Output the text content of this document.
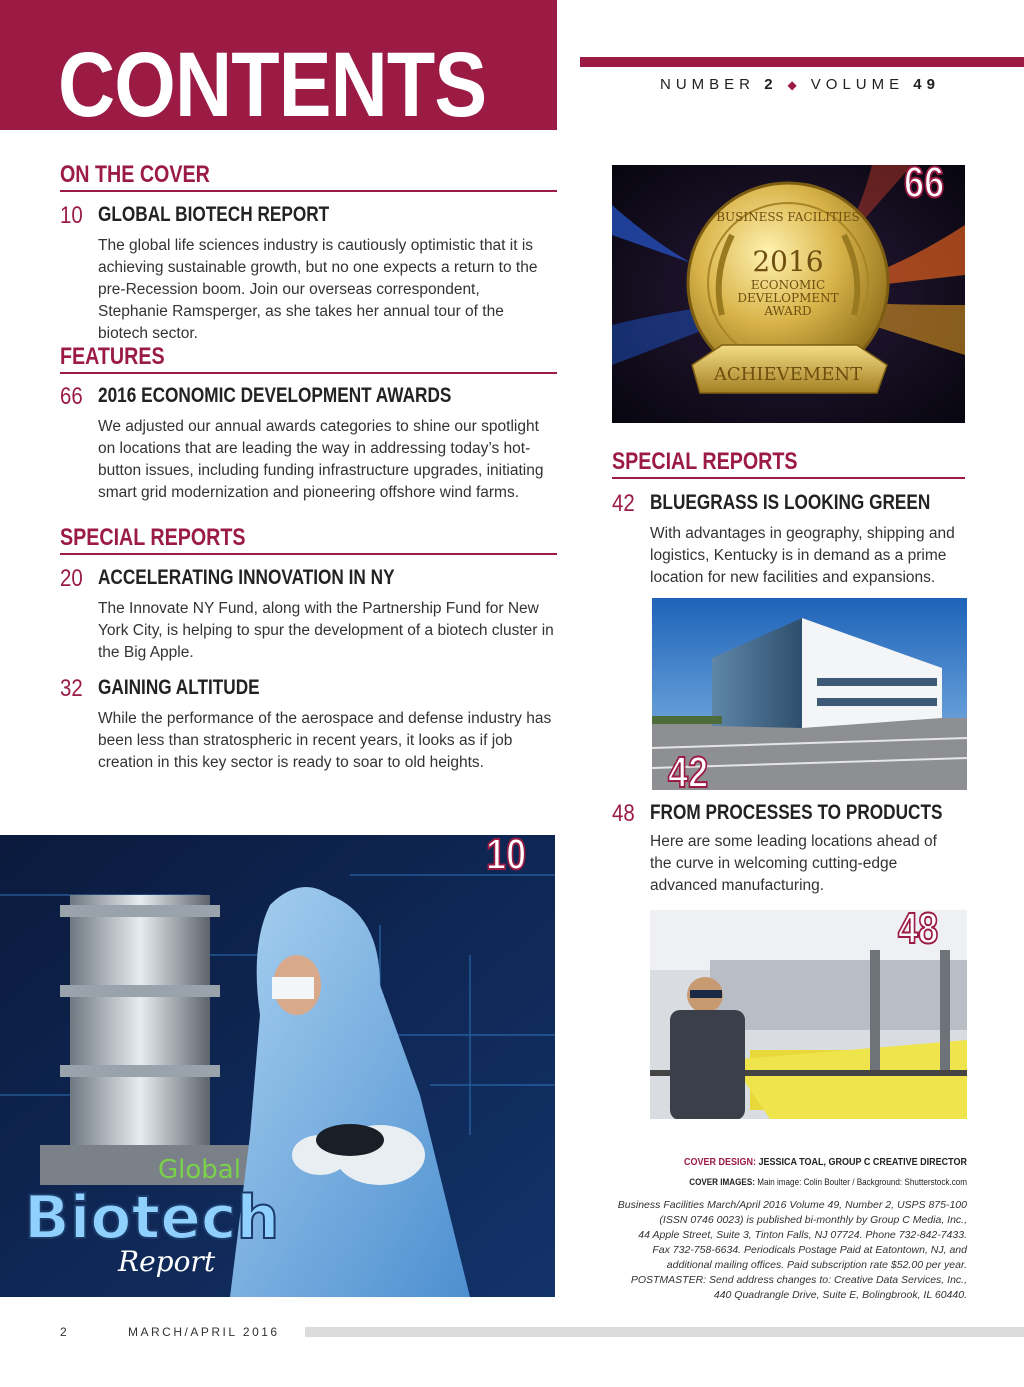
CONTENTS	NUMBER 2 ◆ VOLUME 49
ON THE COVER
10 GLOBAL BIOTECH REPORT
The global life sciences industry is cautiously optimistic that it is achieving sustainable growth, but no one expects a return to the pre-Recession boom. Join our overseas correspondent, Stephanie Ramsperger, as she takes her annual tour of the biotech sector.
FEATURES
66 2016 ECONOMIC DEVELOPMENT AWARDS
We adjusted our annual awards categories to shine our spotlight on locations that are leading the way in addressing today’s hot-button issues, including funding infrastructure upgrades, initiating smart grid modernization and pioneering offshore wind farms.
SPECIAL REPORTS
20 ACCELERATING INNOVATION IN NY
The Innovate NY Fund, along with the Partnership Fund for New York City, is helping to spur the development of a biotech cluster in the Big Apple.
32 GAINING ALTITUDE
While the performance of the aerospace and defense industry has been less than stratospheric in recent years, it looks as if job creation in this key sector is ready to soar to old heights.
BUSINESS FACILITIES
2016
ECONOMIC
DEVELOPMENT
AWARD
ACHIEVEMENT
66
SPECIAL REPORTS
42 BLUEGRASS IS LOOKING GREEN
With advantages in geography, shipping and logistics, Kentucky is in demand as a prime location for new facilities and expansions.
42
48 FROM PROCESSES TO PRODUCTS
Here are some leading locations ahead of the curve in welcoming cutting-edge advanced manufacturing.
48
Global
Biotech
Report
10
COVER DESIGN: JESSICA TOAL, GROUP C CREATIVE DIRECTOR
COVER IMAGES: Main image: Colin Boulter / Background: Shutterstock.com
Business Facilities March/April 2016 Volume 49, Number 2, USPS 875-100
(ISSN 0746 0023) is published bi-monthly by Group C Media, Inc.,
44 Apple Street, Suite 3, Tinton Falls, NJ 07724. Phone 732-842-7433.
Fax 732-758-6634. Periodicals Postage Paid at Eatontown, NJ, and
additional mailing offices. Paid subscription rate $52.00 per year.
POSTMASTER: Send address changes to: Creative Data Services, Inc.,
440 Quadrangle Drive, Suite E, Bolingbrook, IL 60440.
2	MARCH/APRIL 2016
